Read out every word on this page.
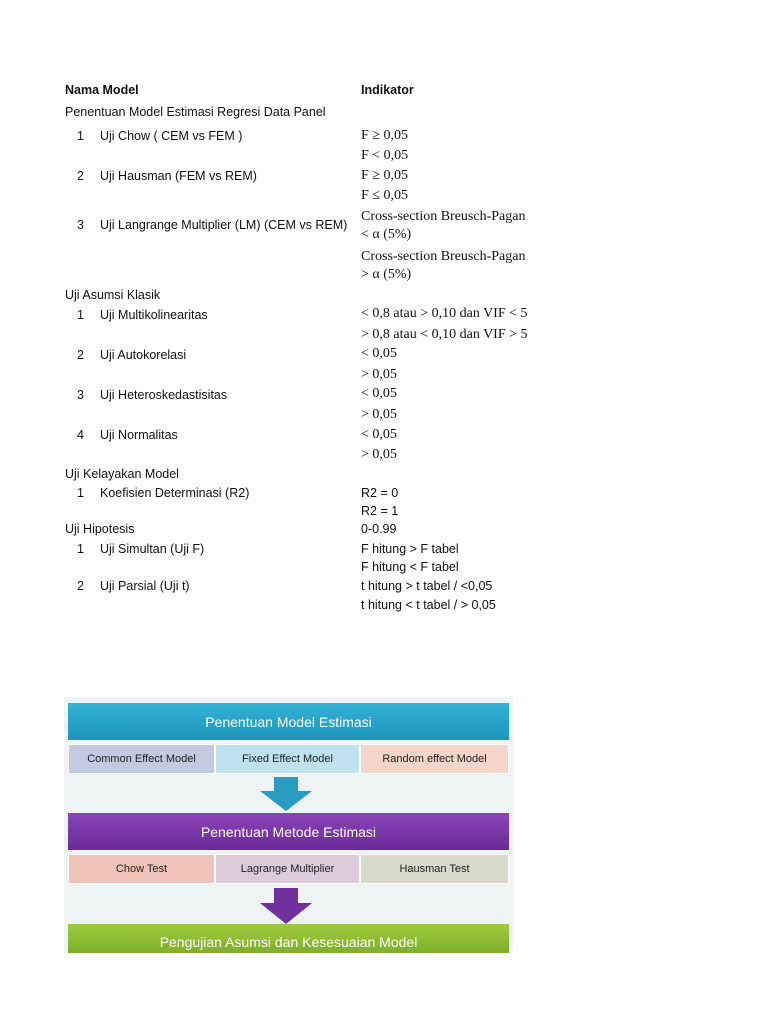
Nama Model	Indikator
Penentuan Model Estimasi Regresi Data Panel
1 Uji Chow ( CEM vs FEM )	F ≥ 0,05
F < 0,05
2 Uji Hausman (FEM vs REM)	F ≥ 0,05
F ≤ 0,05
3 Uji Langrange Multiplier (LM) (CEM vs REM)
Cross-section Breusch-Pagan
< α (5%)
Cross-section Breusch-Pagan
> α (5%)
Uji Asumsi Klasik
1 Uji Multikolinearitas	< 0,8 atau > 0,10 dan VIF < 5
> 0,8 atau < 0,10 dan VIF > 5
2 Uji Autokorelasi	< 0,05
> 0,05
3 Uji Heteroskedastisitas	< 0,05
> 0,05
4 Uji Normalitas	< 0,05
> 0,05
Uji Kelayakan Model
1 Koefisien Determinasi (R2)	R2 = 0
R2 = 1
Uji Hipotesis	0-0.99
1 Uji Simultan (Uji F)	F hitung > F tabel
F hitung < F tabel
2 Uji Parsial (Uji t)	t hitung > t tabel / <0,05
t hitung < t tabel / > 0,05
Penentuan Model Estimasi
Common Effect Model	Fixed Effect Model	Random effect Model
Penentuan Metode Estimasi
Chow Test	Lagrange Multiplier	Hausman Test
Pengujian Asumsi dan Kesesuaian Model
